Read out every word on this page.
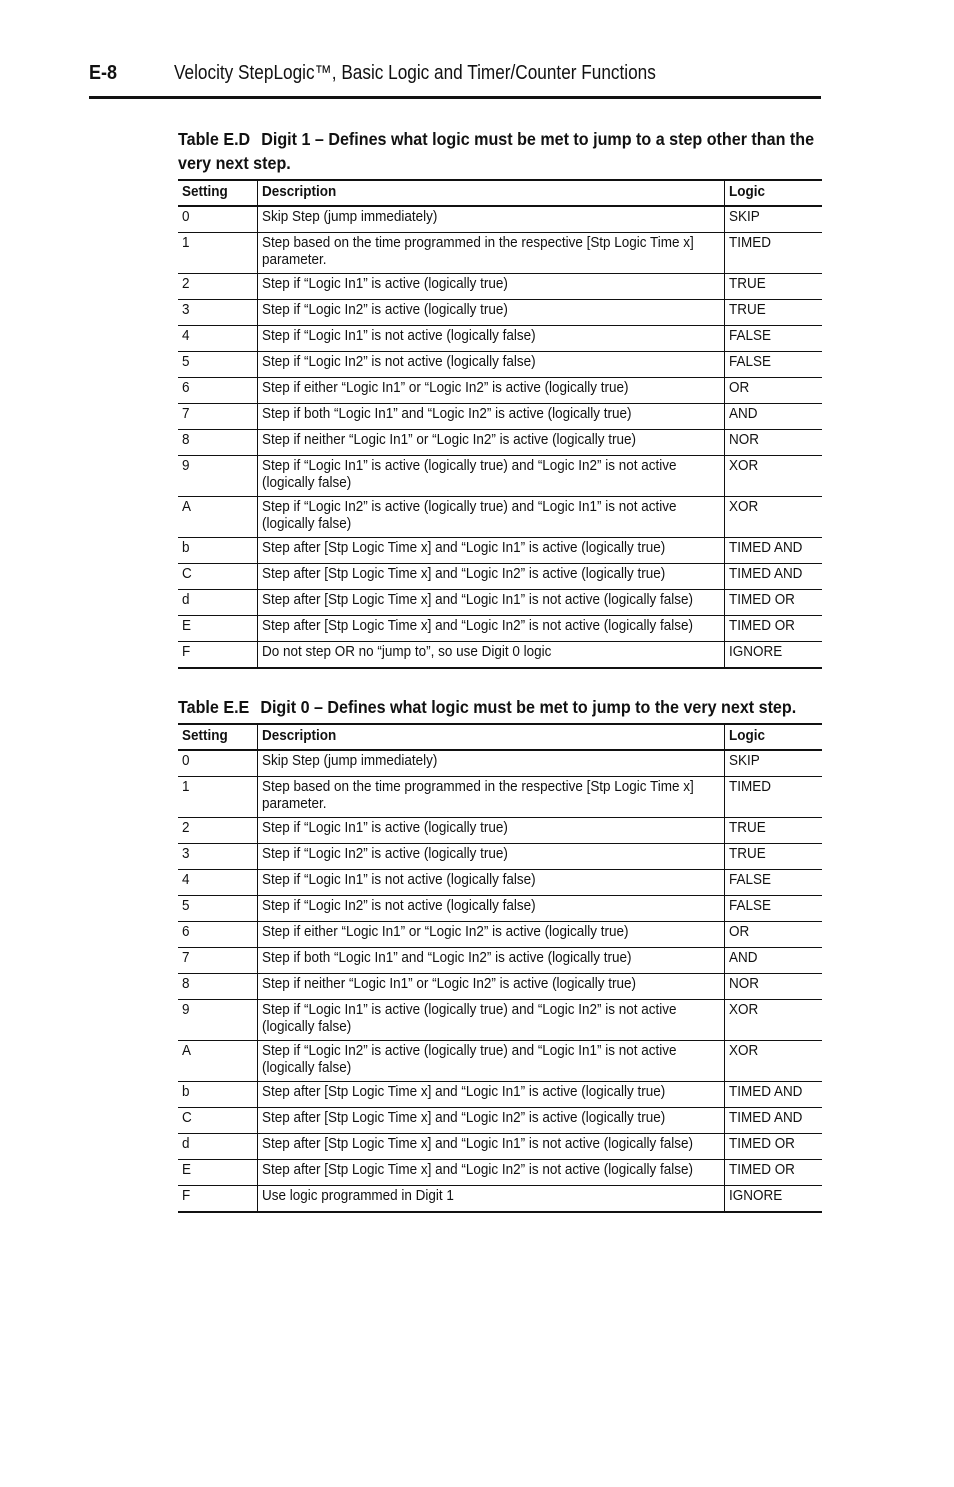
E-8	Velocity StepLogic™, Basic Logic and Timer/Counter Functions
Table E.D Digit 1 – Defines what logic must be met to jump to a step other than the very next step.
Setting	Description	Logic
0	Skip Step (jump immediately)	SKIP
1	Step based on the time programmed in the respective [Stp Logic Time x] parameter.	TIMED
2	Step if “Logic In1” is active (logically true)	TRUE
3	Step if “Logic In2” is active (logically true)	TRUE
4	Step if “Logic In1” is not active (logically false)	FALSE
5	Step if “Logic In2” is not active (logically false)	FALSE
6	Step if either “Logic In1” or “Logic In2” is active (logically true)	OR
7	Step if both “Logic In1” and “Logic In2” is active (logically true)	AND
8	Step if neither “Logic In1” or “Logic In2” is active (logically true)	NOR
9	Step if “Logic In1” is active (logically true) and “Logic In2” is not active (logically false)	XOR
A	Step if “Logic In2” is active (logically true) and “Logic In1” is not active (logically false)	XOR
b	Step after [Stp Logic Time x] and “Logic In1” is active (logically true)	TIMED AND
C	Step after [Stp Logic Time x] and “Logic In2” is active (logically true)	TIMED AND
d	Step after [Stp Logic Time x] and “Logic In1” is not active (logically false)	TIMED OR
E	Step after [Stp Logic Time x] and “Logic In2” is not active (logically false)	TIMED OR
F	Do not step OR no “jump to”, so use Digit 0 logic	IGNORE
Table E.E Digit 0 – Defines what logic must be met to jump to the very next step.
Setting	Description	Logic
0	Skip Step (jump immediately)	SKIP
1	Step based on the time programmed in the respective [Stp Logic Time x] parameter.	TIMED
2	Step if “Logic In1” is active (logically true)	TRUE
3	Step if “Logic In2” is active (logically true)	TRUE
4	Step if “Logic In1” is not active (logically false)	FALSE
5	Step if “Logic In2” is not active (logically false)	FALSE
6	Step if either “Logic In1” or “Logic In2” is active (logically true)	OR
7	Step if both “Logic In1” and “Logic In2” is active (logically true)	AND
8	Step if neither “Logic In1” or “Logic In2” is active (logically true)	NOR
9	Step if “Logic In1” is active (logically true) and “Logic In2” is not active (logically false)	XOR
A	Step if “Logic In2” is active (logically true) and “Logic In1” is not active (logically false)	XOR
b	Step after [Stp Logic Time x] and “Logic In1” is active (logically true)	TIMED AND
C	Step after [Stp Logic Time x] and “Logic In2” is active (logically true)	TIMED AND
d	Step after [Stp Logic Time x] and “Logic In1” is not active (logically false)	TIMED OR
E	Step after [Stp Logic Time x] and “Logic In2” is not active (logically false)	TIMED OR
F	Use logic programmed in Digit 1	IGNORE
